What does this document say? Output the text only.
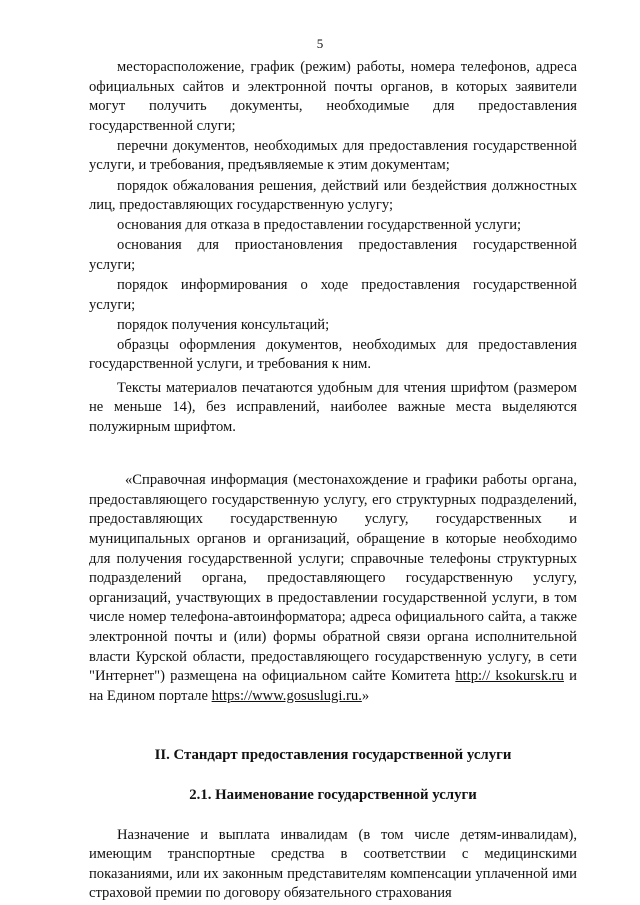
5

месторасположение, график (режим) работы, номера телефонов, адреса официальных сайтов и электронной почты органов, в которых заявители могут получить документы, необходимые для предоставления государственной слуги;

перечни документов, необходимых для предоставления государственной услуги, и требования, предъявляемые к этим документам;

порядок обжалования решения, действий или бездействия должностных лиц, предоставляющих государственную услугу;

основания для отказа в предоставлении государственной услуги;

основания для приостановления предоставления государственной услуги;

порядок информирования о ходе предоставления государственной услуги;

порядок получения консультаций;

образцы оформления документов, необходимых для предоставления государственной услуги, и требования к ним.

Тексты материалов печатаются удобным для чтения шрифтом (размером не меньше 14), без исправлений, наиболее важные места выделяются полужирным шрифтом.

«Справочная информация (местонахождение и графики работы органа, предоставляющего государственную услугу, его структурных подразделений, предоставляющих государственную услугу, государственных и муниципальных органов и организаций, обращение в которые необходимо для получения государственной услуги; справочные телефоны структурных подразделений органа, предоставляющего государственную услугу, организаций, участвующих в предоставлении государственной услуги, в том числе номер телефона-автоинформатора; адреса официального сайта, а также электронной почты и (или) формы обратной связи органа исполнительной власти Курской области, предоставляющего государственную услугу, в сети "Интернет") размещена на официальном сайте Комитета http:// ksokursk.ru и на Едином портале https://www.gosuslugi.ru.»

II. Стандарт предоставления государственной услуги
2.1. Наименование государственной услуги

Назначение и выплата инвалидам (в том числе детям-инвалидам), имеющим транспортные средства в соответствии с медицинскими показаниями, или их законным представителям компенсации уплаченной ими страховой премии по договору обязательного страхования
